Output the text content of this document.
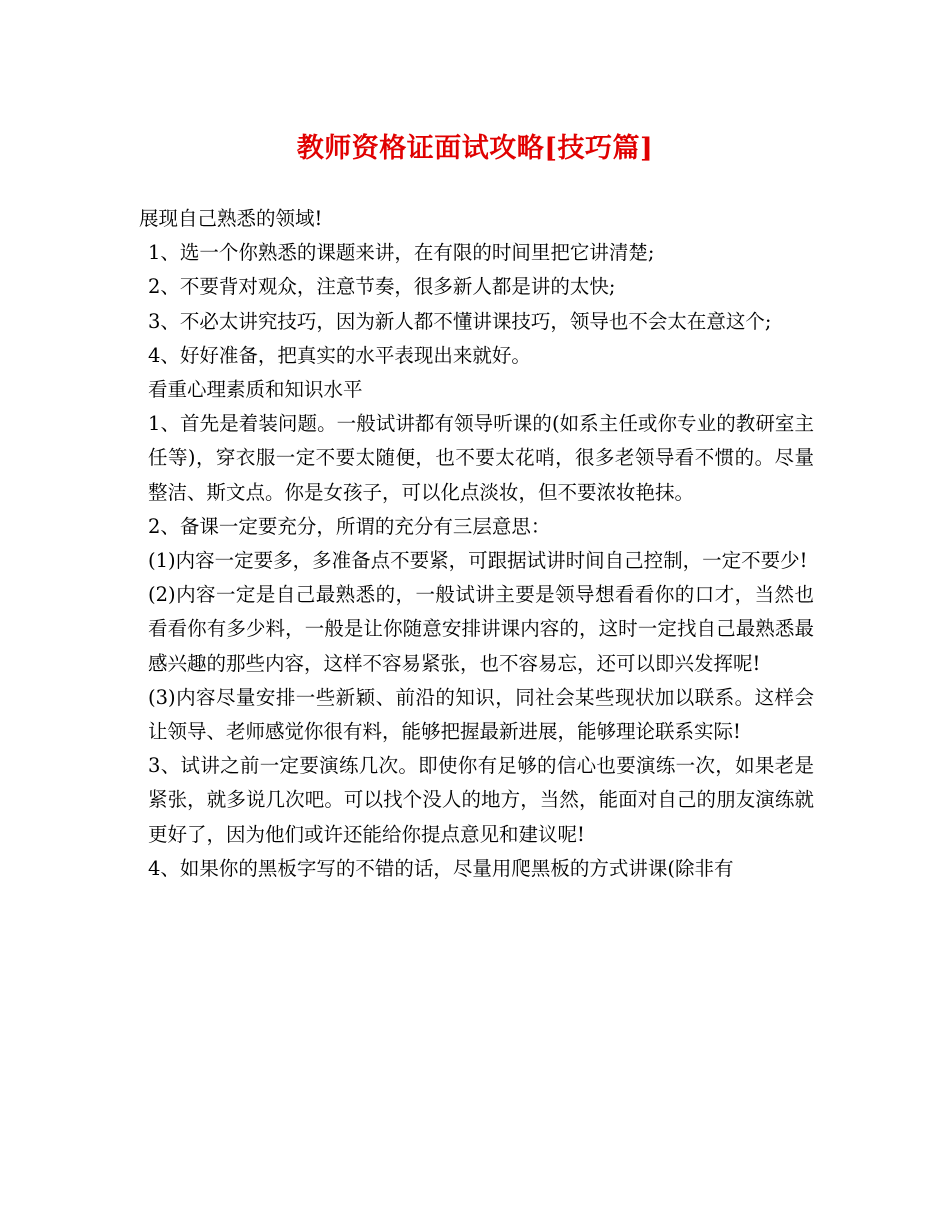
教师资格证面试攻略[技巧篇]

展现自己熟悉的领域!

1、选一个你熟悉的课题来讲，在有限的时间里把它讲清楚;

2、不要背对观众，注意节奏，很多新人都是讲的太快;

3、不必太讲究技巧，因为新人都不懂讲课技巧，领导也不会太在意这个;

4、好好准备，把真实的水平表现出来就好。

看重心理素质和知识水平

1、首先是着装问题。一般试讲都有领导听课的(如系主任或你专业的教研室主任等)，穿衣服一定不要太随便，也不要太花哨，很多老领导看不惯的。尽量整洁、斯文点。你是女孩子，可以化点淡妆，但不要浓妆艳抹。

2、备课一定要充分，所谓的充分有三层意思：

(1)内容一定要多，多准备点不要紧，可跟据试讲时间自己控制，一定不要少!

(2)内容一定是自己最熟悉的，一般试讲主要是领导想看看你的口才，当然也看看你有多少料，一般是让你随意安排讲课内容的，这时一定找自己最熟悉最感兴趣的那些内容，这样不容易紧张，也不容易忘，还可以即兴发挥呢!

(3)内容尽量安排一些新颖、前沿的知识，同社会某些现状加以联系。这样会让领导、老师感觉你很有料，能够把握最新进展，能够理论联系实际!

3、试讲之前一定要演练几次。即使你有足够的信心也要演练一次，如果老是紧张，就多说几次吧。可以找个没人的地方，当然，能面对自己的朋友演练就更好了，因为他们或许还能给你提点意见和建议呢!

4、如果你的黑板字写的不错的话，尽量用爬黑板的方式讲课(除非有
